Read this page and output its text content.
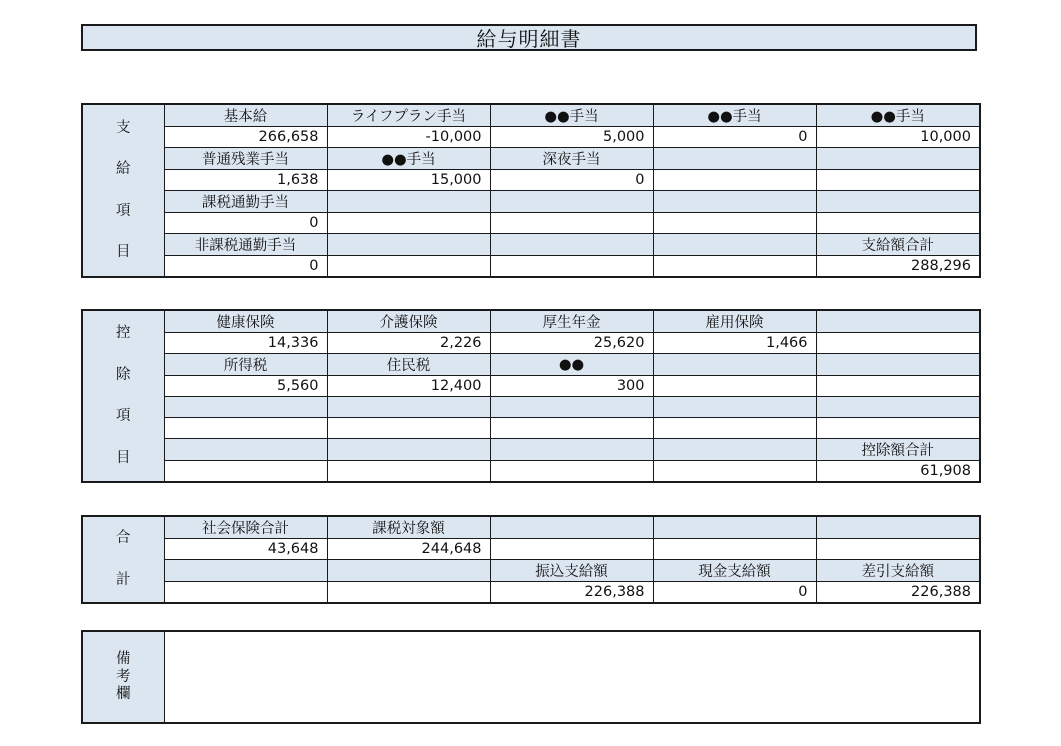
給与明細書
支
給
項
目	基本給	ライフプラン手当	●●手当	●●手当	●●手当
	266,658	-10,000	5,000	0	10,000
	普通残業手当	●●手当	深夜手当		
	1,638	15,000	0		
	課税通勤手当				
	0				
	非課税通勤手当				支給額合計
	0				288,296
控
除
項
目	健康保険	介護保険	厚生年金	雇用保険	
	14,336	2,226	25,620	1,466	
	所得税	住民税	●●		
	5,560	12,400	300		

					控除額合計
					61,908
合
計	社会保険合計	課税対象額			
	43,648	244,648			
			振込支給額	現金支給額	差引支給額
			226,388	0	226,388
備
考
欄
